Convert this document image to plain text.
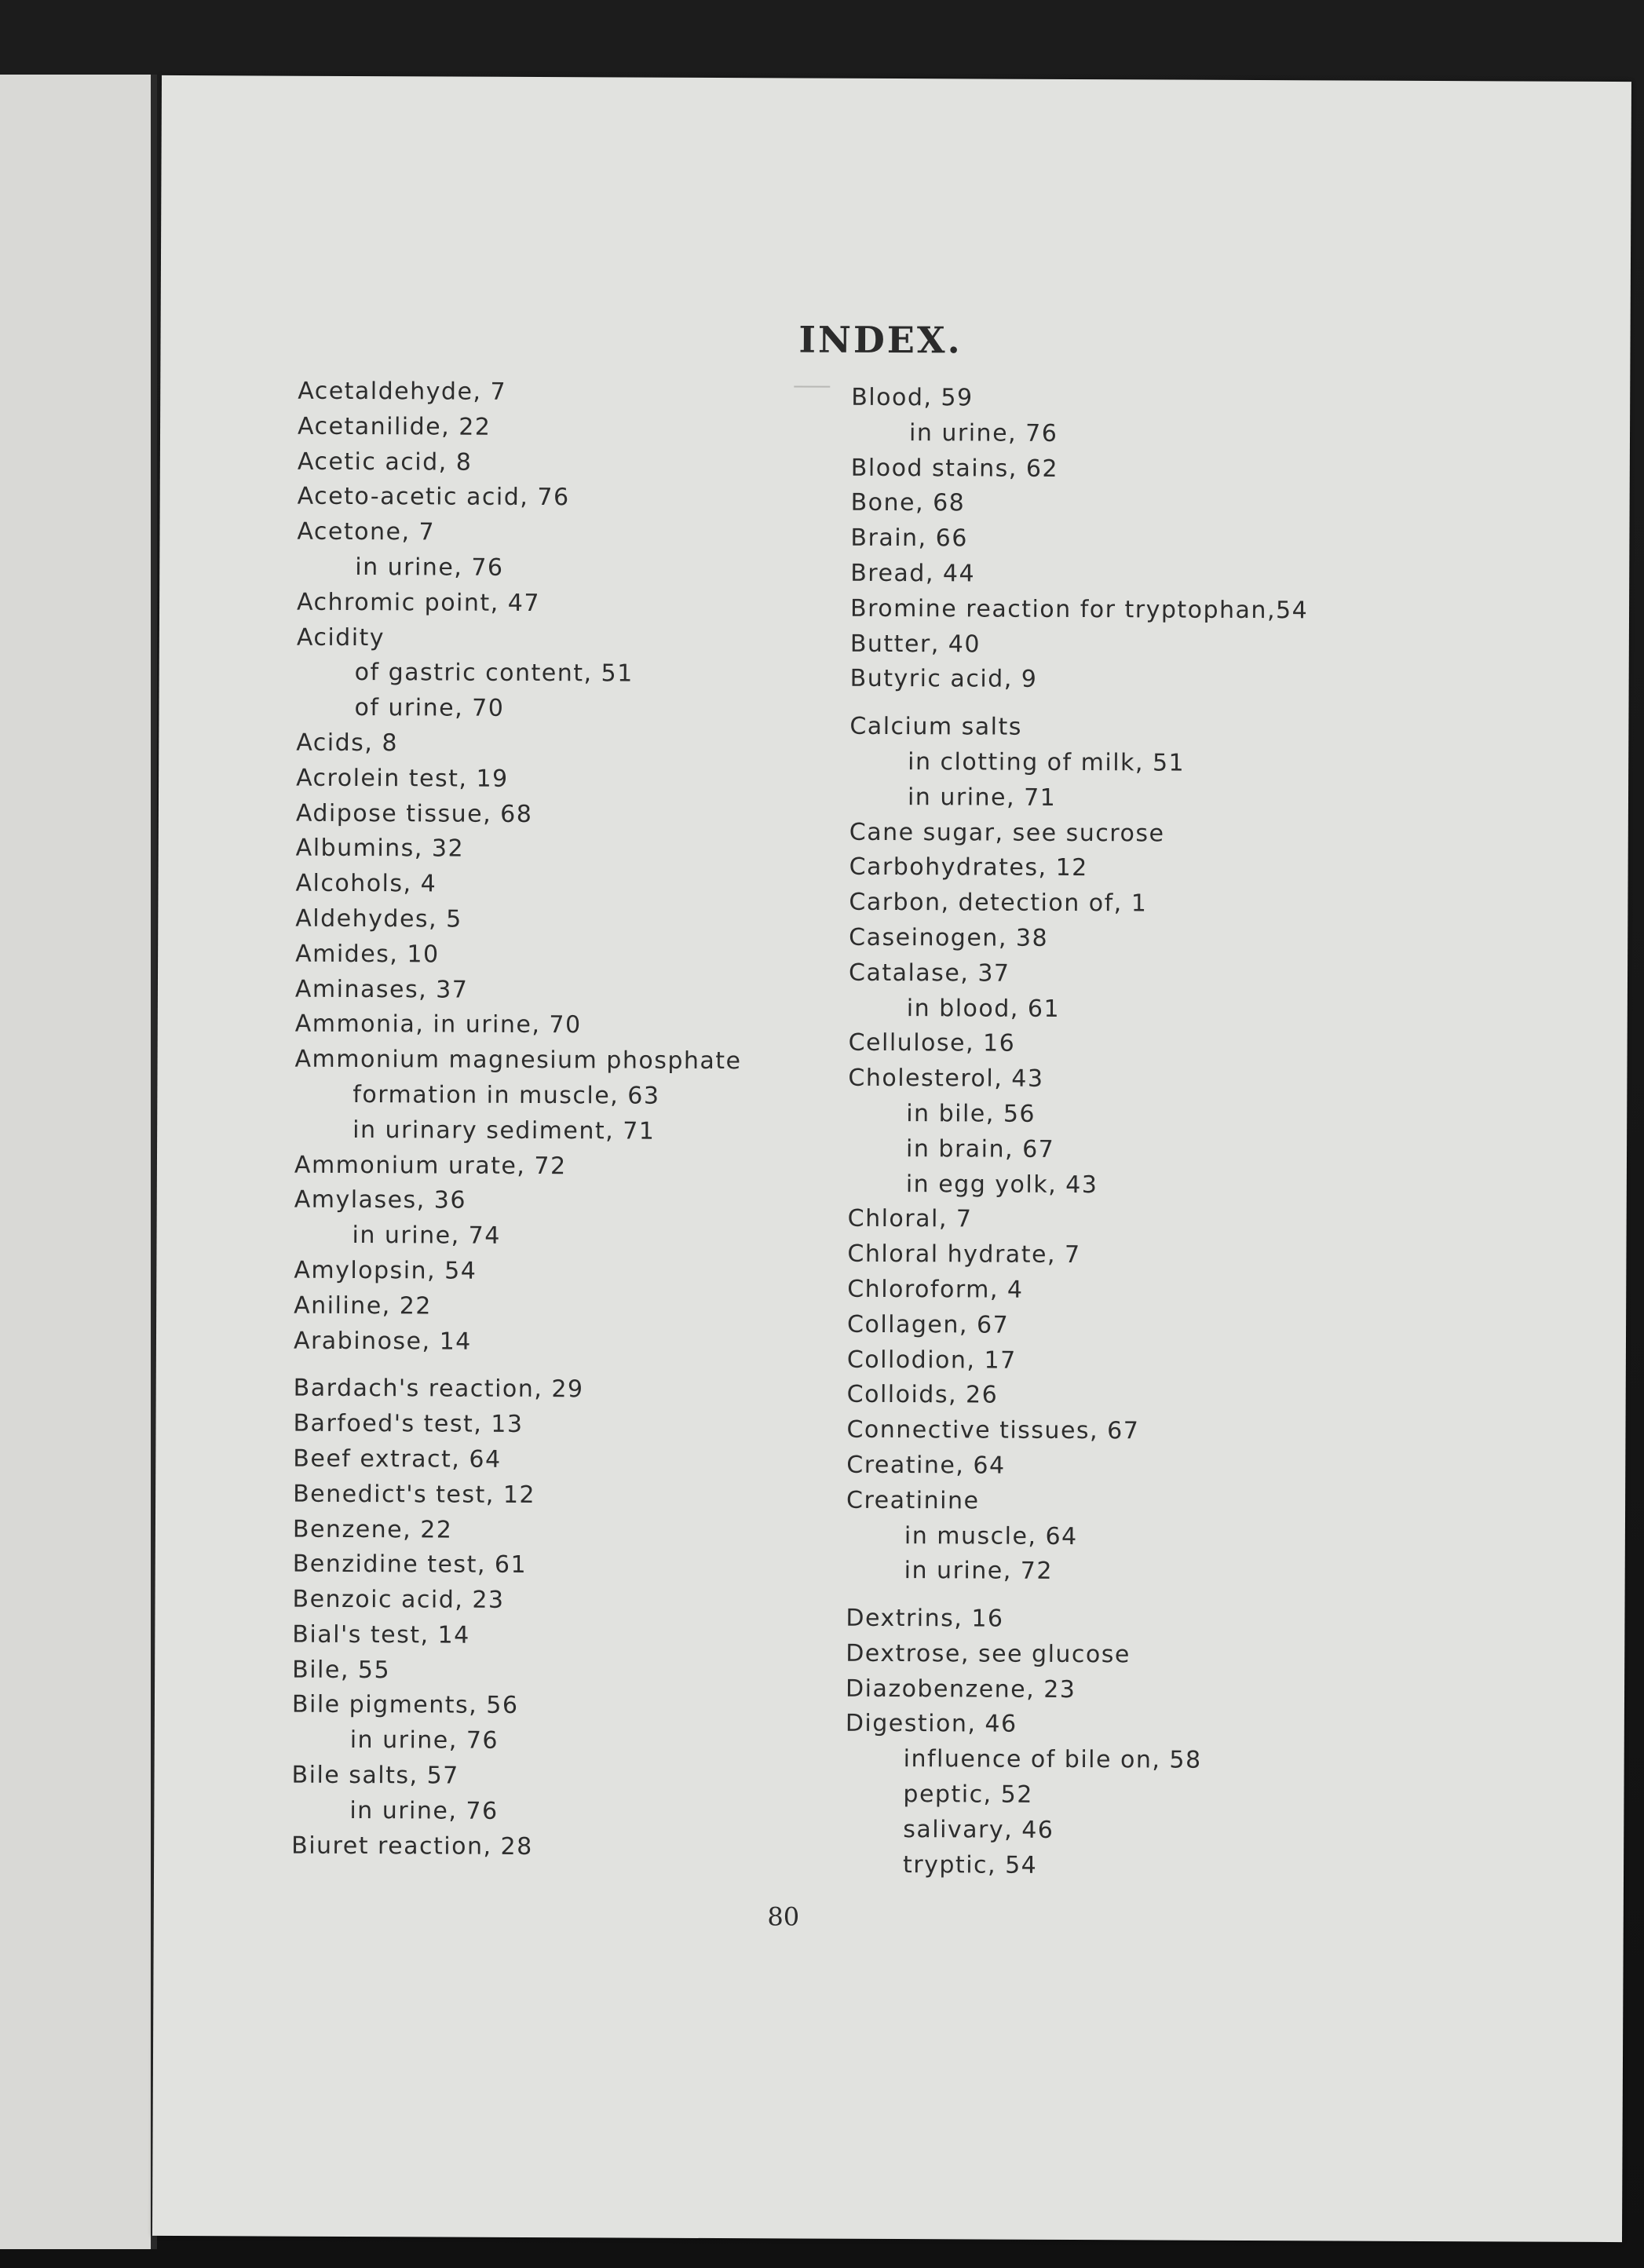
INDEX.
Acetaldehyde, 7
Acetanilide, 22
Acetic acid, 8
Aceto-acetic acid, 76
Acetone, 7
in urine, 76
Achromic point, 47
Acidity
of gastric content, 51
of urine, 70
Acids, 8
Acrolein test, 19
Adipose tissue, 68
Albumins, 32
Alcohols, 4
Aldehydes, 5
Amides, 10
Aminases, 37
Ammonia, in urine, 70
Ammonium magnesium phosphate
formation in muscle, 63
in urinary sediment, 71
Ammonium urate, 72
Amylases, 36
in urine, 74
Amylopsin, 54
Aniline, 22
Arabinose, 14
Bardach's reaction, 29
Barfoed's test, 13
Beef extract, 64
Benedict's test, 12
Benzene, 22
Benzidine test, 61
Benzoic acid, 23
Bial's test, 14
Bile, 55
Bile pigments, 56
in urine, 76
Bile salts, 57
in urine, 76
Biuret reaction, 28
Blood, 59
in urine, 76
Blood stains, 62
Bone, 68
Brain, 66
Bread, 44
Bromine reaction for tryptophan,54
Butter, 40
Butyric acid, 9
Calcium salts
in clotting of milk, 51
in urine, 71
Cane sugar, see sucrose
Carbohydrates, 12
Carbon, detection of, 1
Caseinogen, 38
Catalase, 37
in blood, 61
Cellulose, 16
Cholesterol, 43
in bile, 56
in brain, 67
in egg yolk, 43
Chloral, 7
Chloral hydrate, 7
Chloroform, 4
Collagen, 67
Collodion, 17
Colloids, 26
Connective tissues, 67
Creatine, 64
Creatinine
in muscle, 64
in urine, 72
Dextrins, 16
Dextrose, see glucose
Diazobenzene, 23
Digestion, 46
influence of bile on, 58
peptic, 52
salivary, 46
tryptic, 54
80
